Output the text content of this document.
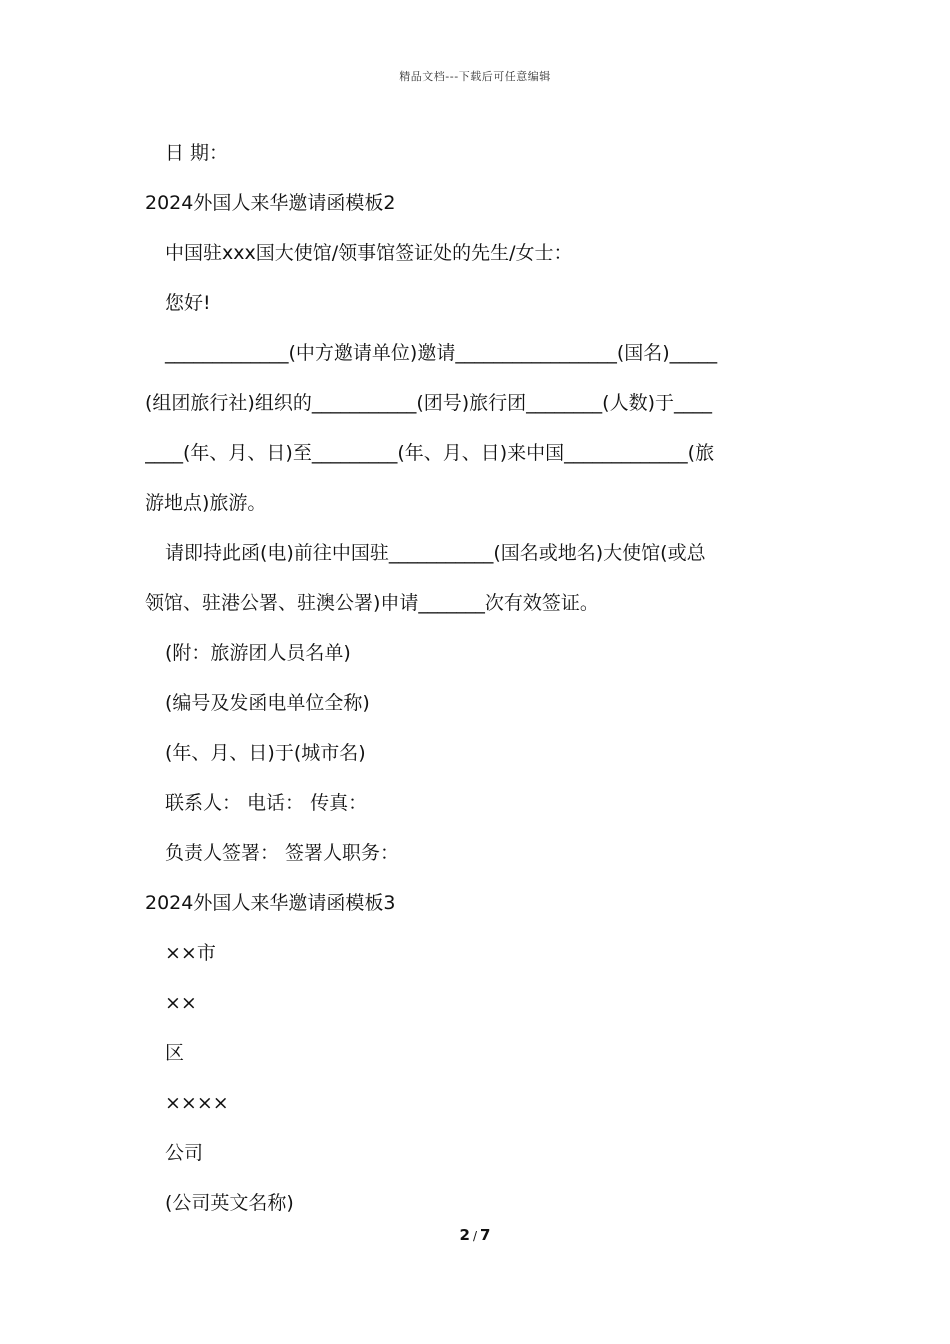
精品文档---下载后可任意编辑
日 期：
2024外国人来华邀请函模板2
中国驻xxx国大使馆/领事馆签证处的先生/女士：
您好!
_____________(中方邀请单位)邀请_________________(国名)_____
(组团旅行社)组织的___________(团号)旅行团________(人数)于____
____(年、月、日)至_________(年、月、日)来中国_____________(旅
游地点)旅游。
请即持此函(电)前往中国驻___________(国名或地名)大使馆(或总
领馆、驻港公署、驻澳公署)申请_______次有效签证。
(附：旅游团人员名单)
(编号及发函电单位全称)
(年、月、日)于(城市名)
联系人： 电话： 传真：
负责人签署： 签署人职务：
2024外国人来华邀请函模板3
××市
××
区
××××
公司
(公司英文名称)
2 / 7
